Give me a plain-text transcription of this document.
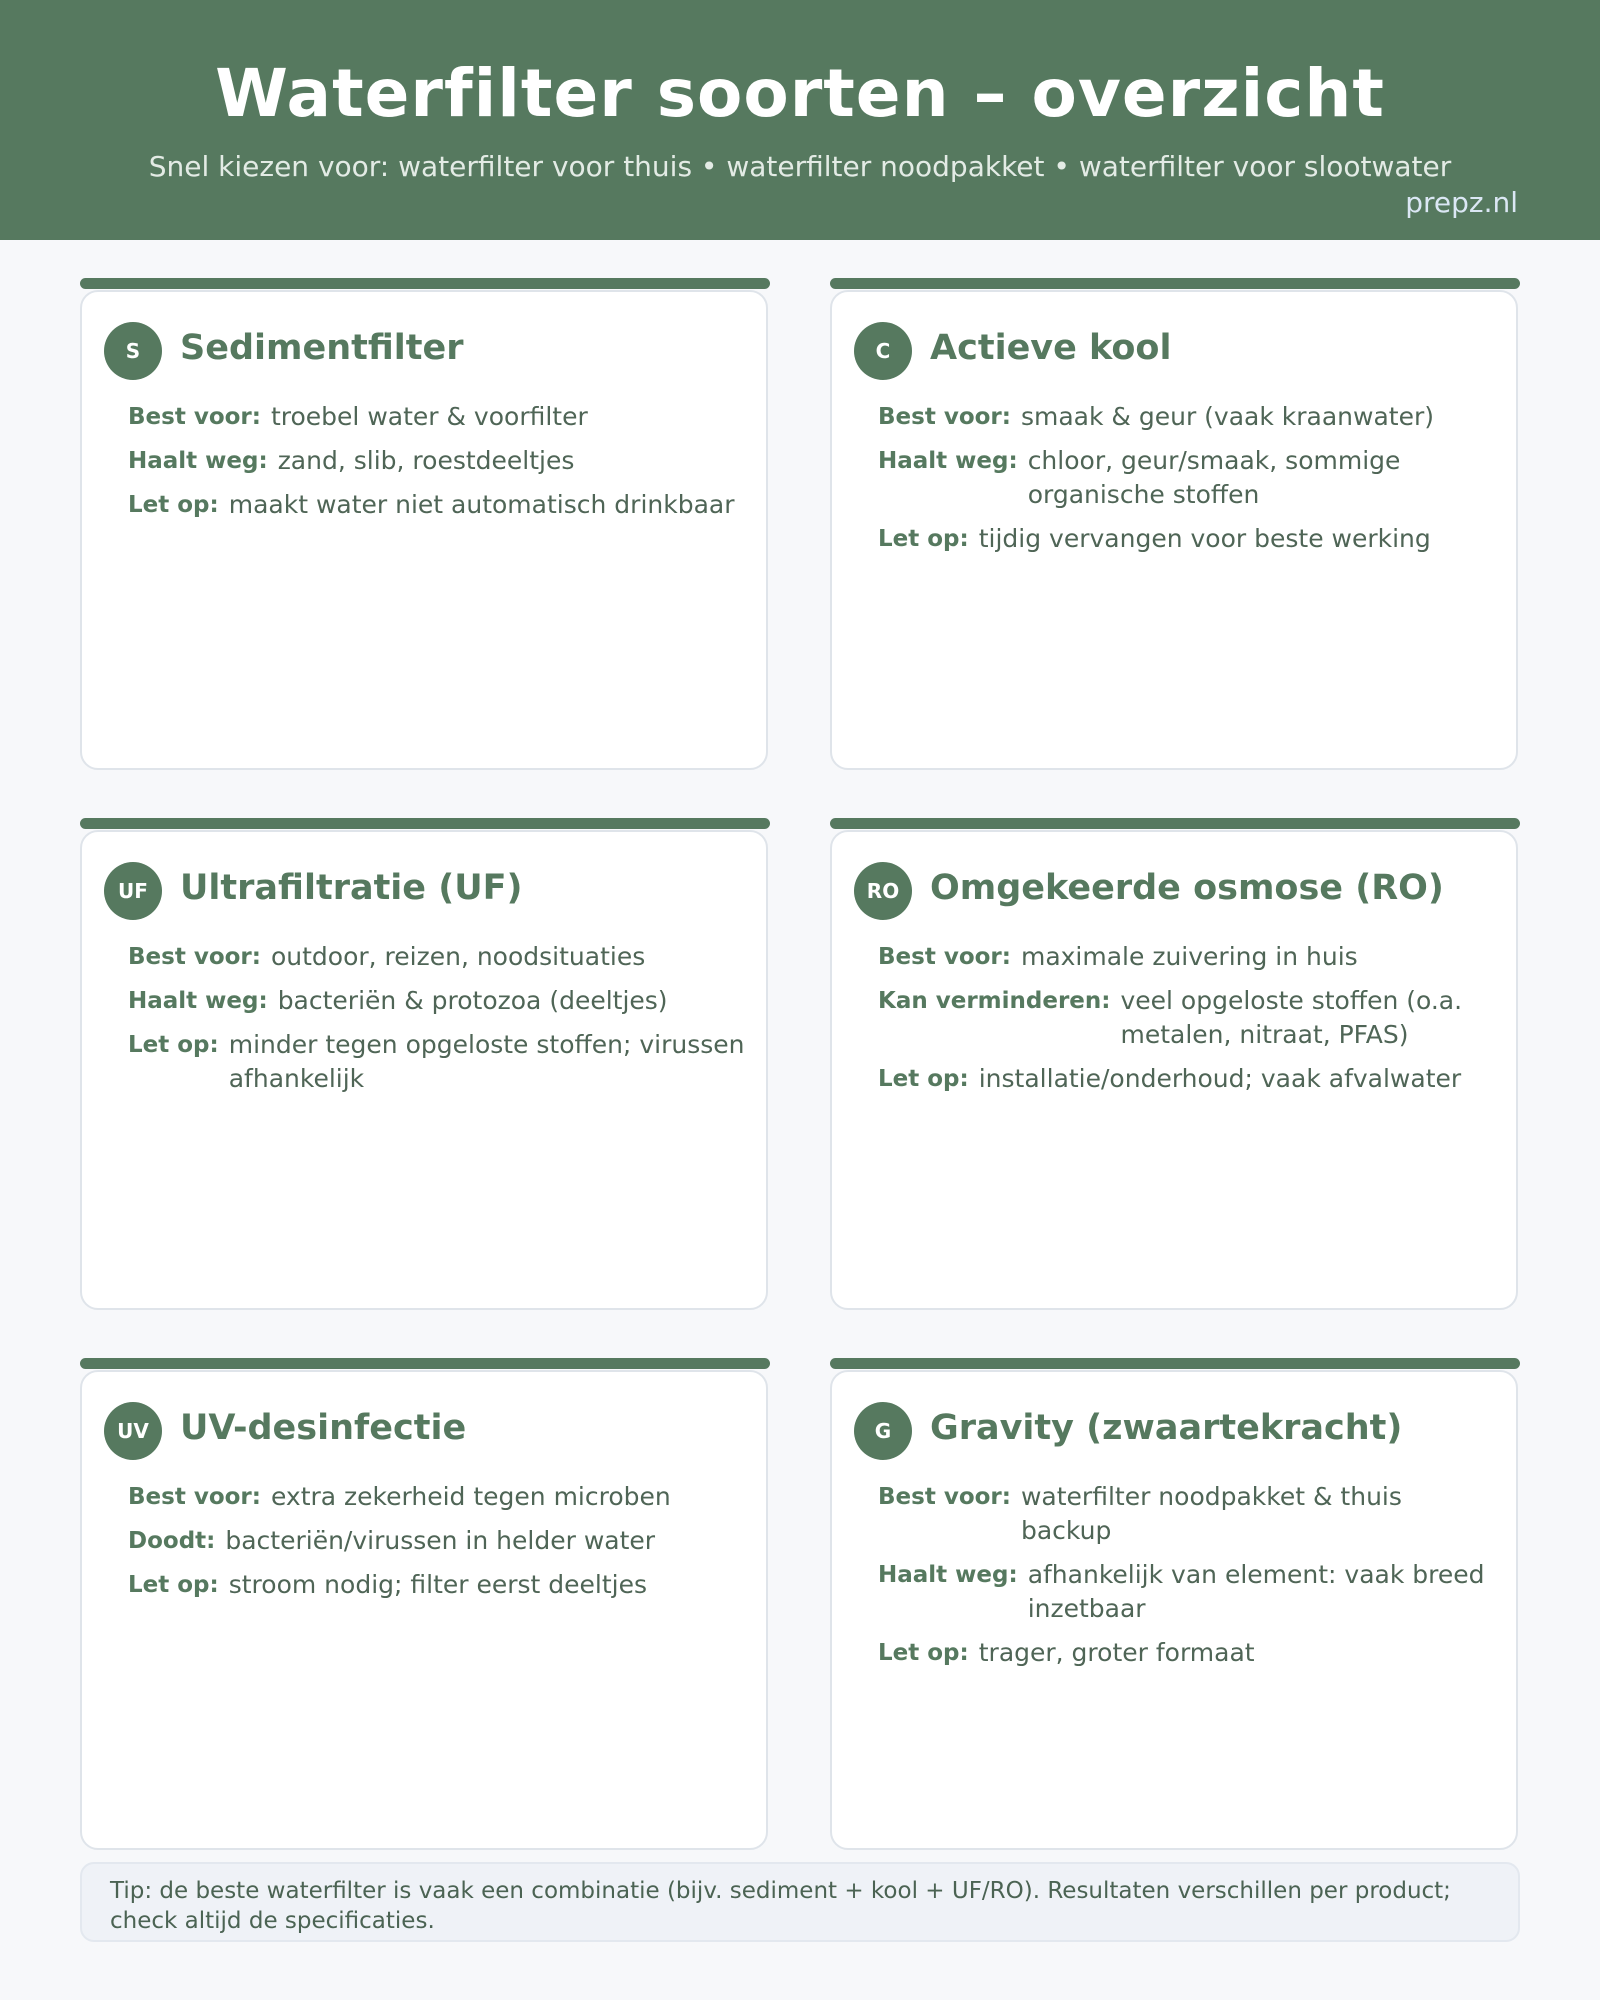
Waterfilter soorten – overzicht
Snel kiezen voor: waterfilter voor thuis • waterfilter noodpakket • waterfilter voor slootwater
prepz.nl
S	Sedimentfilter
Best voor: troebel water & voorfilter
Haalt weg: zand, slib, roestdeeltjes
Let op: maakt water niet automatisch drinkbaar
C	Actieve kool
Best voor: smaak & geur (vaak kraanwater)
Haalt weg: chloor, geur/smaak, sommige organische stoffen
Let op: tijdig vervangen voor beste werking
UF Ultrafiltratie (UF)
Best voor: outdoor, reizen, noodsituaties
Haalt weg: bacteriën & protozoa (deeltjes)
Let op: minder tegen opgeloste stoffen; virussen afhankelijk
RO Omgekeerde osmose (RO)
Best voor: maximale zuivering in huis
Kan verminderen: veel opgeloste stoffen (o.a. metalen, nitraat, PFAS)
Let op: installatie/onderhoud; vaak afvalwater
UV UV-desinfectie
Best voor: extra zekerheid tegen microben
Doodt: bacteriën/virussen in helder water
Let op: stroom nodig; filter eerst deeltjes
G	Gravity (zwaartekracht)
Best voor: waterfilter noodpakket & thuis backup
Haalt weg: afhankelijk van element: vaak breed inzetbaar
Let op: trager, groter formaat
Tip: de beste waterfilter is vaak een combinatie (bijv. sediment + kool + UF/RO). Resultaten verschillen per product; check altijd de specificaties.
